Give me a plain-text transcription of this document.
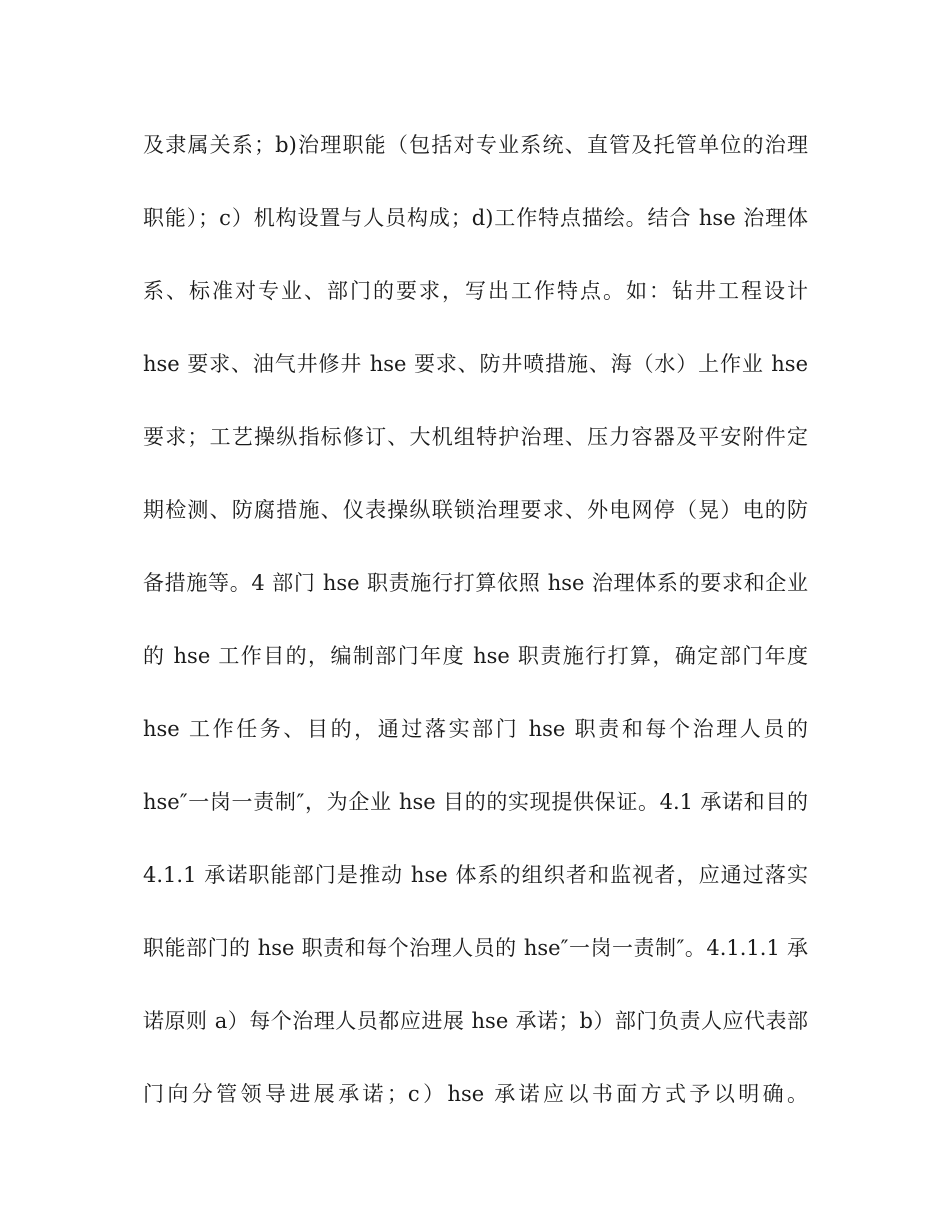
及隶属关系；b)治理职能（包括对专业系统、直管及托管单位的治理
职能）；c）机构设置与人员构成；d)工作特点描绘。结合 hse 治理体
系、标准对专业、部门的要求，写出工作特点。如：钻井工程设计
hse 要求、油气井修井 hse 要求、防井喷措施、海（水）上作业 hse
要求；工艺操纵指标修订、大机组特护治理、压力容器及平安附件定
期检测、防腐措施、仪表操纵联锁治理要求、外电网停（晃）电的防
备措施等。4 部门 hse 职责施行打算依照 hse 治理体系的要求和企业
的 hse 工作目的，编制部门年度 hse 职责施行打算，确定部门年度
hse 工作任务、目的，通过落实部门 hse 职责和每个治理人员的
hse″一岗一责制″，为企业 hse 目的的实现提供保证。4.1 承诺和目的
4.1.1 承诺职能部门是推动 hse 体系的组织者和监视者，应通过落实
职能部门的 hse 职责和每个治理人员的 hse″一岗一责制″。4.1.1.1 承
诺原则 a）每个治理人员都应进展 hse 承诺；b）部门负责人应代表部
门向分管领导进展承诺；c）hse 承诺应以书面方式予以明确。
